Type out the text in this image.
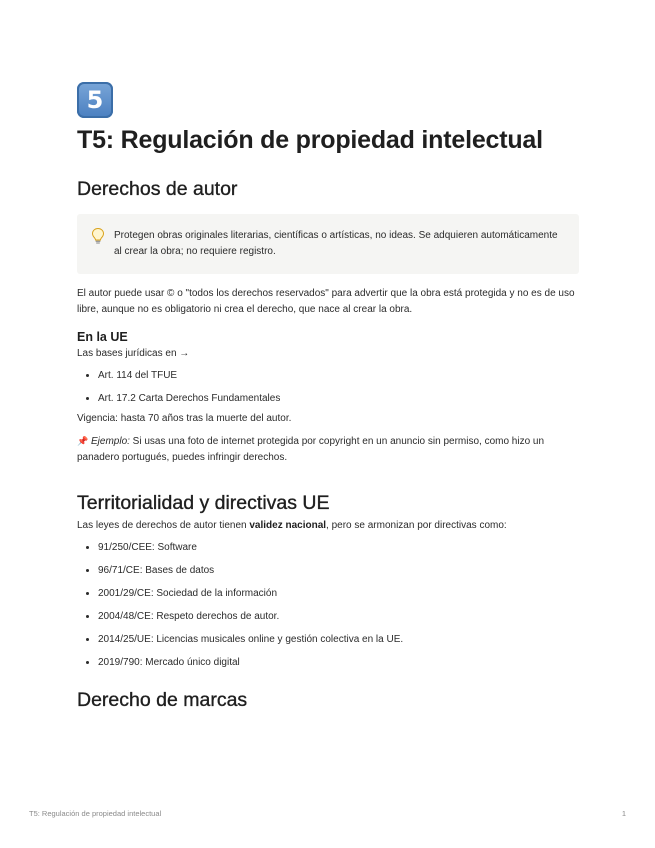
5
T5: Regulación de propiedad intelectual
Derechos de autor
Protegen obras originales literarias, científicas o artísticas, no ideas. Se adquieren automáticamente al crear la obra; no requiere registro.

El autor puede usar © o "todos los derechos reservados" para advertir que la obra está protegida y no es de uso libre, aunque no es obligatorio ni crea el derecho, que nace al crear la obra.

En la UE

Las bases jurídicas en →

• Art. 114 del TFUE
• Art. 17.2 Carta Derechos Fundamentales

Vigencia: hasta 70 años tras la muerte del autor.

📌 Ejemplo: Si usas una foto de internet protegida por copyright en un anuncio sin permiso, como hizo un panadero portugués, puedes infringir derechos.

Territorialidad y directivas UE

Las leyes de derechos de autor tienen validez nacional, pero se armonizan por directivas como:

• 91/250/CEE: Software
• 96/71/CE: Bases de datos
• 2001/29/CE: Sociedad de la información
• 2004/48/CE: Respeto derechos de autor.
• 2014/25/UE: Licencias musicales online y gestión colectiva en la UE.
• 2019/790: Mercado único digital
Derecho de marcas
T5: Regulación de propiedad intelectual	1
